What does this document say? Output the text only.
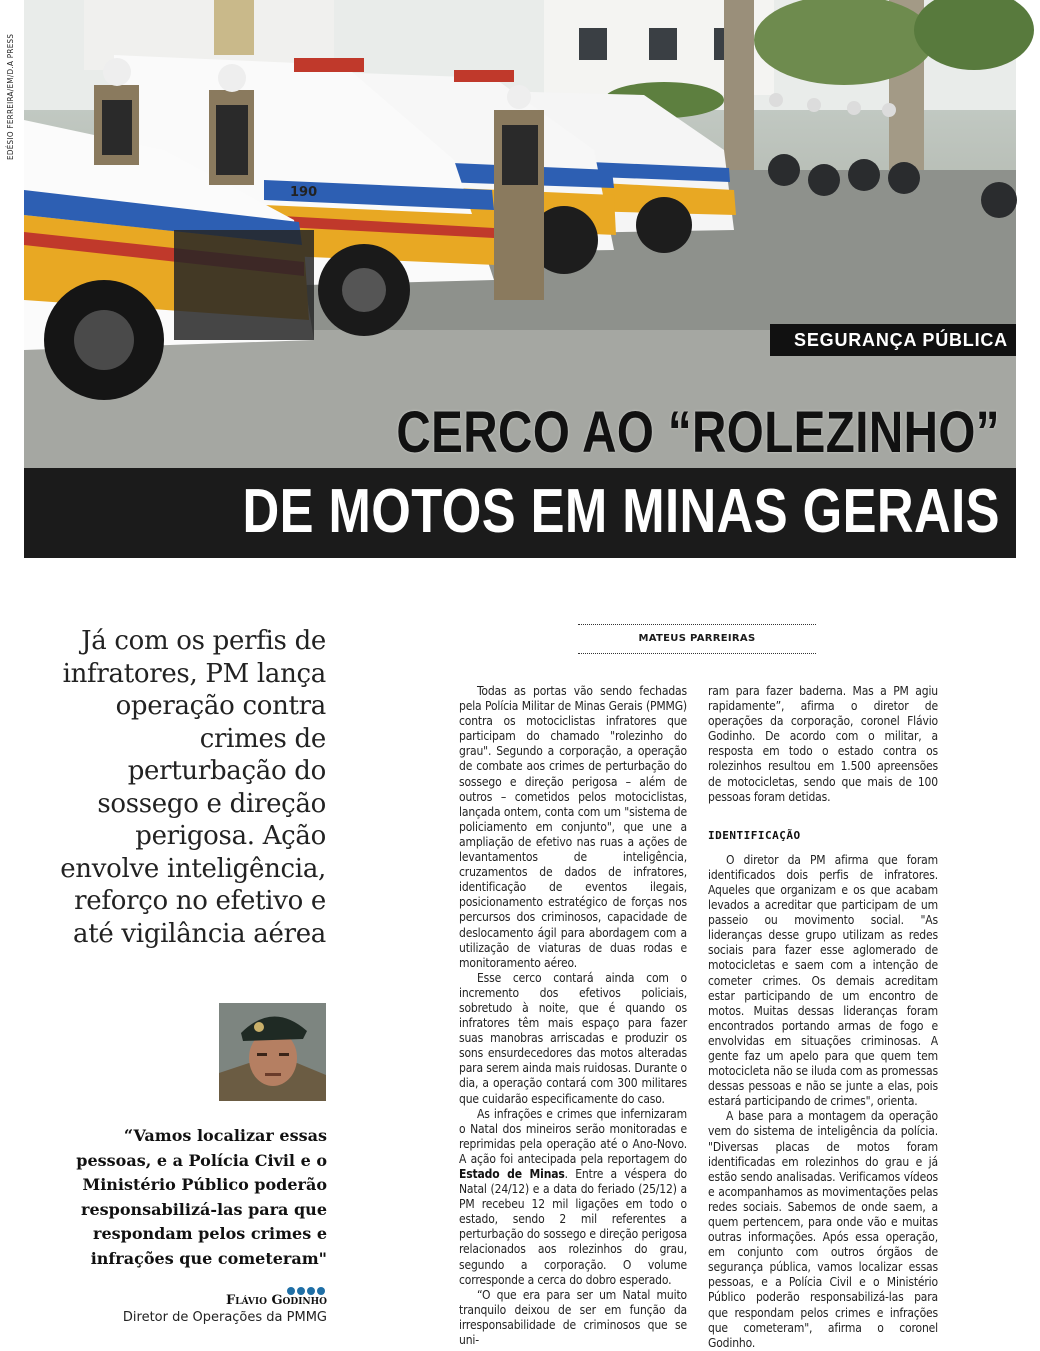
190
EDÉSIO FERREIRA/EM/D.A PRESS
SEGURANÇA PÚBLICA
CERCO AO “ROLEZINHO”
DE MOTOS EM MINAS GERAIS
Já com os perfis de infratores, PM lança operação contra crimes de perturbação do sossego e direção perigosa. Ação envolve inteligência, reforço no efetivo e até vigilância aérea
“Vamos localizar essas pessoas, e a Polícia Civil e o Ministério Público poderão responsabilizá-las para que respondam pelos crimes e infrações que cometeram"
Flávio Godinho
Diretor de Operações da PMMG
MATEUS PARREIRAS

Todas as portas vão sendo fechadas pela Polícia Militar de Minas Gerais (PMMG) contra os motociclistas infratores que participam do chamado "rolezinho do grau". Segundo a corporação, a operação de combate aos crimes de perturbação do sossego e direção perigosa – além de outros – cometidos pelos motociclistas, lançada ontem, conta com um "sistema de policiamento em conjunto", que une a ampliação de efetivo nas ruas a ações de levantamentos de inteligência, cruzamentos de dados de infratores, identificação de eventos ilegais, posicionamento estratégico de forças nos percursos dos criminosos, capacidade de deslocamento ágil para abordagem com a utilização de viaturas de duas rodas e monitoramento aéreo.

Esse cerco contará ainda com o incremento dos efetivos policiais, sobretudo à noite, que é quando os infratores têm mais espaço para fazer suas manobras arriscadas e produzir os sons ensurdecedores das motos alteradas para serem ainda mais ruidosas. Durante o dia, a operação contará com 300 militares que cuidarão especificamente do caso.

As infrações e crimes que infernizaram o Natal dos mineiros serão monitoradas e reprimidas pela operação até o Ano-Novo. A ação foi antecipada pela reportagem do Estado de Minas. Entre a véspera do Natal (24/12) e a data do feriado (25/12) a PM recebeu 12 mil ligações em todo o estado, sendo 2 mil referentes a perturbação do sossego e direção perigosa relacionados aos rolezinhos do grau, segundo a corporação. O volume corresponde a cerca do dobro esperado.

“O que era para ser um Natal muito tranquilo deixou de ser em função da irresponsabilidade de criminosos que se uni-

ram para fazer baderna. Mas a PM agiu rapidamente”, afirma o diretor de operações da corporação, coronel Flávio Godinho. De acordo com o militar, a resposta em todo o estado contra os rolezinhos resultou em 1.500 apreensões de motocicletas, sendo que mais de 100 pessoas foram detidas.

IDENTIFICAÇÃO

O diretor da PM afirma que foram identificados dois perfis de infratores. Aqueles que organizam e os que acabam levados a acreditar que participam de um passeio ou movimento social. "As lideranças desse grupo utilizam as redes sociais para fazer esse aglomerado de motocicletas e saem com a intenção de cometer crimes. Os demais acreditam estar participando de um encontro de motos. Muitas dessas lideranças foram encontrados portando armas de fogo e envolvidas em situações criminosas. A gente faz um apelo para que quem tem motocicleta não se iluda com as promessas dessas pessoas e não se junte a elas, pois estará participando de crimes", orienta.

A base para a montagem da operação vem do sistema de inteligência da polícia. "Diversas placas de motos foram identificadas em rolezinhos do grau e já estão sendo analisadas. Verificamos vídeos e acompanhamos as movimentações pelas redes sociais. Sabemos de onde saem, a quem pertencem, para onde vão e muitas outras informações. Após essa operação, em conjunto com outros órgãos de segurança pública, vamos localizar essas pessoas, e a Polícia Civil e o Ministério Público poderão responsabilizá-las para que respondam pelos crimes e infrações que cometeram", afirma o coronel Godinho.
